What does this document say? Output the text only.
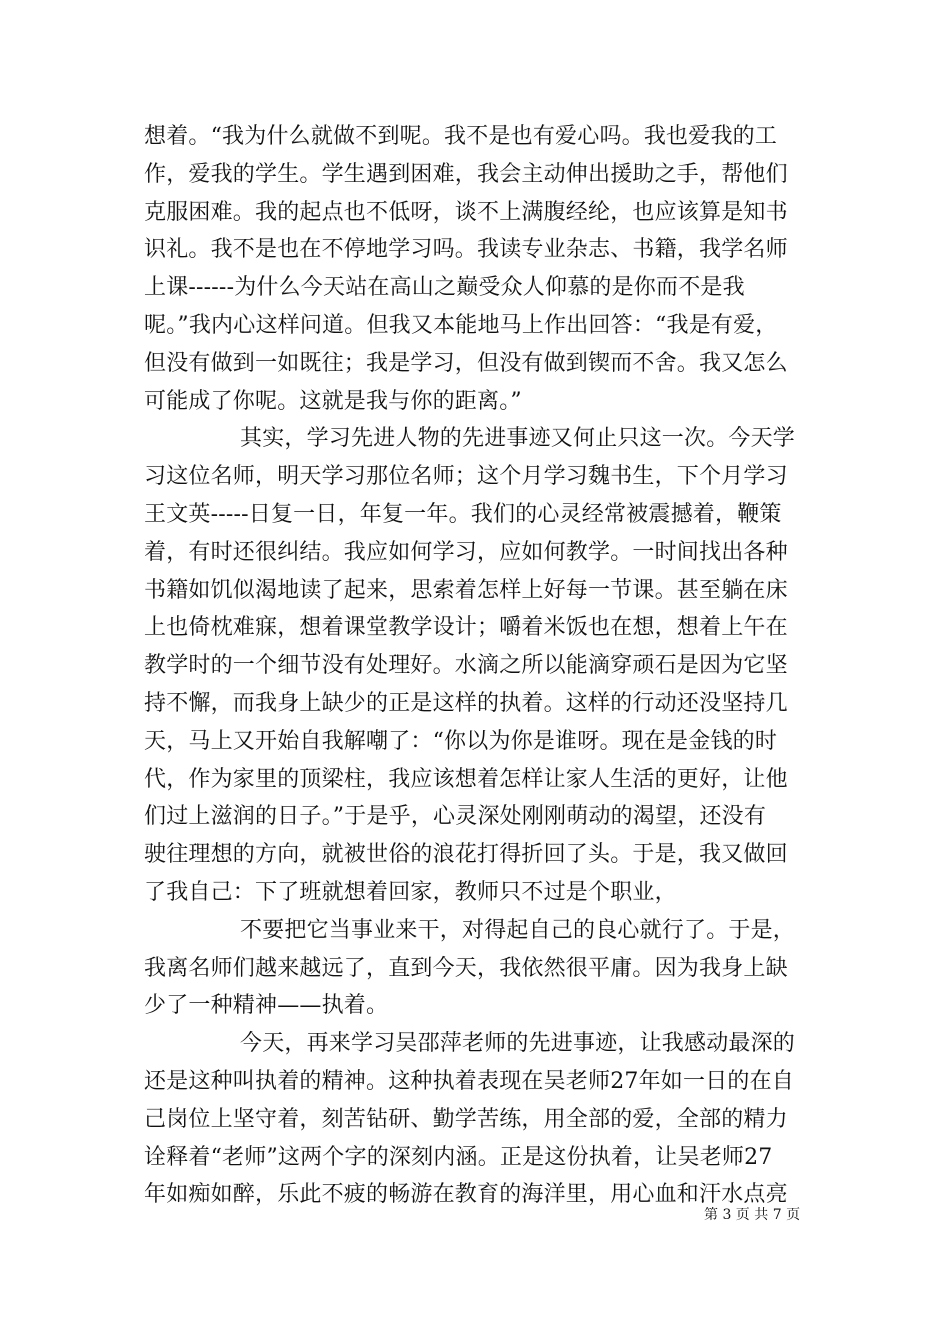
想着。“我为什么就做不到呢。我不是也有爱心吗。我也爱我的工
作，爱我的学生。学生遇到困难，我会主动伸出援助之手，帮他们
克服困难。我的起点也不低呀，谈不上满腹经纶，也应该算是知书
识礼。我不是也在不停地学习吗。我读专业杂志、书籍，我学名师
上课------为什么今天站在高山之巅受众人仰慕的是你而不是我
呢。”我内心这样问道。但我又本能地马上作出回答：“我是有爱，
但没有做到一如既往；我是学习，但没有做到锲而不舍。我又怎么
可能成了你呢。这就是我与你的距离。”
其实，学习先进人物的先进事迹又何止只这一次。今天学
习这位名师，明天学习那位名师；这个月学习魏书生，下个月学习
王文英-----日复一日，年复一年。我们的心灵经常被震撼着，鞭策
着，有时还很纠结。我应如何学习，应如何教学。一时间找出各种
书籍如饥似渴地读了起来，思索着怎样上好每一节课。甚至躺在床
上也倚枕难寐，想着课堂教学设计；嚼着米饭也在想，想着上午在
教学时的一个细节没有处理好。水滴之所以能滴穿顽石是因为它坚
持不懈，而我身上缺少的正是这样的执着。这样的行动还没坚持几
天，马上又开始自我解嘲了：“你以为你是谁呀。现在是金钱的时
代，作为家里的顶梁柱，我应该想着怎样让家人生活的更好，让他
们过上滋润的日子。”于是乎，心灵深处刚刚萌动的渴望，还没有
驶往理想的方向，就被世俗的浪花打得折回了头。于是，我又做回
了我自己：下了班就想着回家，教师只不过是个职业，
不要把它当事业来干，对得起自己的良心就行了。于是，
我离名师们越来越远了，直到今天，我依然很平庸。因为我身上缺
少了一种精神——执着。
今天，再来学习吴邵萍老师的先进事迹，让我感动最深的
还是这种叫执着的精神。这种执着表现在吴老师27年如一日的在自
己岗位上坚守着，刻苦钻研、勤学苦练，用全部的爱，全部的精力
诠释着“老师”这两个字的深刻内涵。正是这份执着，让吴老师27
年如痴如醉，乐此不疲的畅游在教育的海洋里，用心血和汗水点亮
第 3 页 共 7 页
